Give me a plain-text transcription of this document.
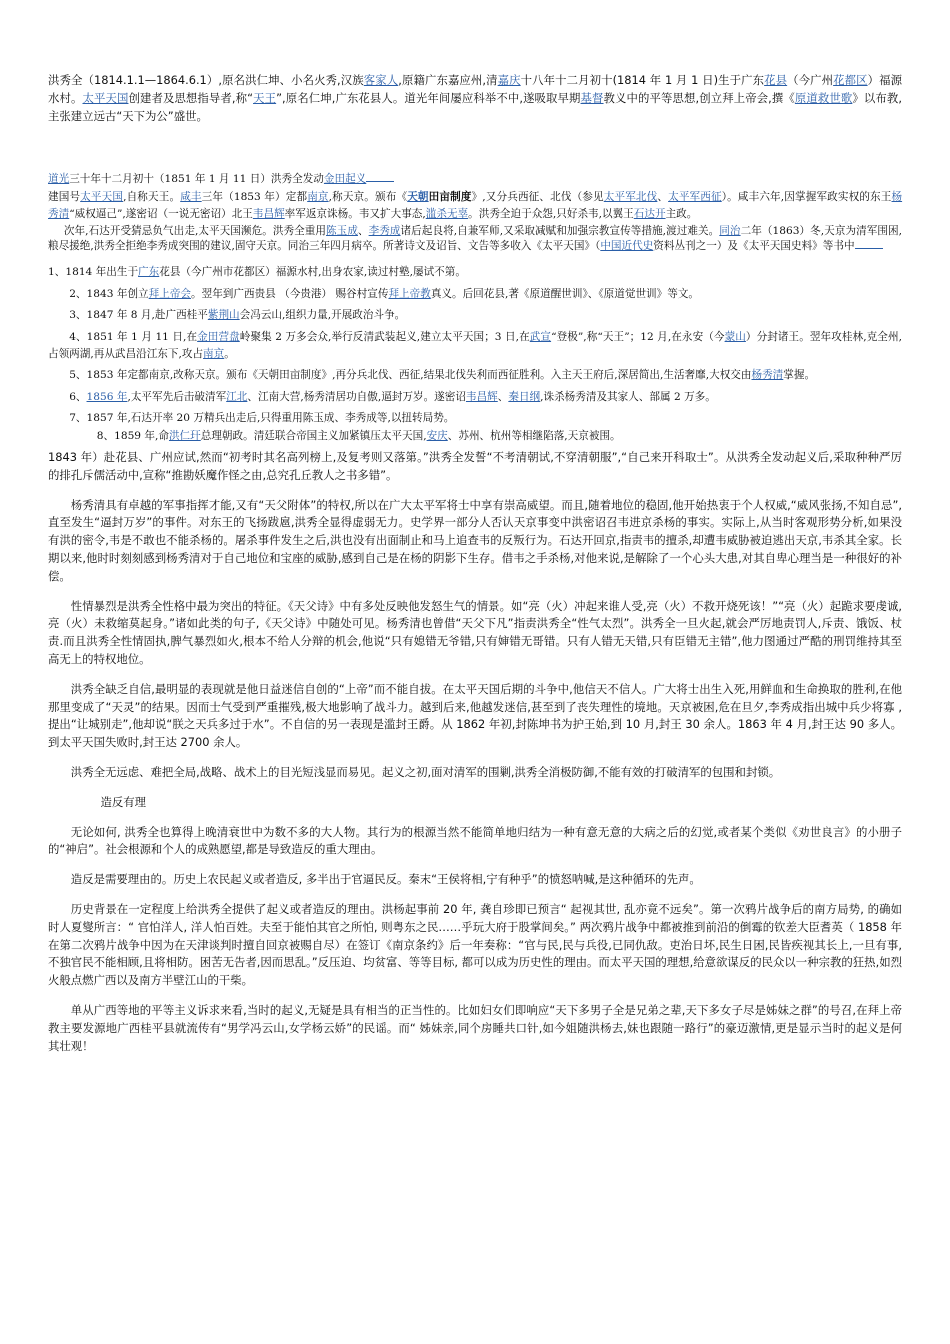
洪秀全（1814.1.1—1864.6.1）,原名洪仁坤、小名火秀,汉族客家人,原籍广东嘉应州,清嘉庆十八年十二月初十(1814 年 1 月 1 日)生于广东花县（今广州花都区）福源水村。太平天国创建者及思想指导者,称“天王”,原名仁坤,广东花县人。道光年间屡应科举不中,遂吸取早期基督教义中的平等思想,创立拜上帝会,撰《原道救世歌》以布教,主张建立远古“天下为公”盛世。

道光三十年十二月初十（1851 年 1 月 11 日）洪秀全发动金田起义

建国号太平天国,自称天王。咸丰三年（1853 年）定都南京,称天京。颁布《天朝田亩制度》,又分兵西征、北伐（参见太平军北伐、太平军西征）。咸丰六年,因掌握军政实权的东王杨秀清“威权逼己”,遂密诏（一说无密诏）北王韦昌辉率军返京诛杨。韦又扩大事态,滥杀无辜。洪秀全迫于众怨,只好杀韦,以翼王石达开主政。

次年,石达开受猜忌负气出走,太平天国濒危。洪秀全重用陈玉成、李秀成诸后起良将,自兼军师,又采取减赋和加强宗教宣传等措施,渡过难关。同治二年（1863）冬,天京为清军围困,粮尽援绝,洪秀全拒绝李秀成突围的建议,固守天京。同治三年四月病卒。所著诗文及诏旨、文告等多收入《太平天国》（中国近代史资料丛刊之一）及《太平天国史料》等书中

1、1814 年出生于广东花县（今广州市花都区）福源水村,出身农家,读过村塾,屡试不第。

2、1843 年创立拜上帝会。翌年到广西贵县 （今贵港） 赐谷村宣传拜上帝教真义。后回花县,著《原道醒世训》、《原道觉世训》等文。

3、1847 年 8 月,赴广西桂平紫荆山会冯云山,组织力量,开展政治斗争。

4、1851 年 1 月 11 日,在金田营盘岭聚集 2 万多会众,举行反清武装起义,建立太平天国；3 日,在武宣“登极”,称“天王”；12 月,在永安（今蒙山）分封诸王。翌年攻桂林,克全州,占领两湖,再从武昌沿江东下,攻占南京。

5、1853 年定都南京,改称天京。颁布《天朝田亩制度》,再分兵北伐、西征,结果北伐失利而西征胜利。入主天王府后,深居简出,生活奢靡,大权交由杨秀清掌握。

6、1856 年,太平军先后击破清军江北、江南大营,杨秀清居功自傲,逼封万岁。遂密诏韦昌辉、秦日纲,诛杀杨秀清及其家人、部属 2 万多。

7、1857 年,石达开率 20 万精兵出走后,只得重用陈玉成、李秀成等,以扭转局势。

8、1859 年,命洪仁玕总理朝政。清廷联合帝国主义加紧镇压太平天国,安庆、苏州、杭州等相继陷落,天京被围。

1843 年）赴花县、广州应试,然而“初考时其名高列榜上,及复考则又落第。”洪秀全发誓“不考清朝试,不穿清朝服”,“自己来开科取士”。从洪秀全发动起义后,采取种种严厉的排孔斥儒活动中,宣称“推勘妖魔作怪之由,总究孔丘教人之书多错”。

杨秀清具有卓越的军事指挥才能,又有“天父附体”的特权,所以在广大太平军将士中享有崇高威望。而且,随着地位的稳固,他开始热衷于个人权威,“威风张扬,不知自忌”,直至发生“逼封万岁”的事件。对东王的飞扬跋扈,洪秀全显得虚弱无力。史学界一部分人否认天京事变中洪密诏召韦进京杀杨的事实。实际上,从当时客观形势分析,如果没有洪的密令,韦是不敢也不能杀杨的。屠杀事件发生之后,洪也没有出面制止和马上追查韦的反叛行为。石达开回京,指责韦的擅杀,却遭韦威胁被迫逃出天京,韦杀其全家。长期以来,他时时刻刻感到杨秀清对于自己地位和宝座的威胁,感到自己是在杨的阴影下生存。借韦之手杀杨,对他来说,是解除了一个心头大患,对其自卑心理当是一种很好的补偿。

性情暴烈是洪秀全性格中最为突出的特征。《天父诗》中有多处反映他发怒生气的情景。如“亮（火）冲起来谁人受,亮（火）不救开烧死该！”“亮（火）起跪求要虔诚,亮（火）未救缩莫起身。”诸如此类的句子,《天父诗》中随处可见。杨秀清也曾借“天父下凡”指责洪秀全“性气太烈”。洪秀全一旦火起,就会严厉地责罚人,斥责、饿饭、杖责.而且洪秀全性情固执,脾气暴烈如火,根本不给人分辩的机会,他说“只有媳错无爷错,只有婶错无哥错。只有人错无天错,只有臣错无主错”,他力图通过严酷的刑罚维持其至高无上的特权地位。

洪秀全缺乏自信,最明显的表现就是他日益迷信自创的“上帝”而不能自拔。在太平天国后期的斗争中,他信天不信人。广大将士出生入死,用鲜血和生命换取的胜利,在他那里变成了“天灵”的结果。因而士气受到严重摧残,极大地影响了战斗力。越到后来,他越发迷信,甚至到了丧失理性的境地。天京被困,危在旦夕,李秀成指出城中兵少将寡 ,提出“让城别走”,他却说“朕之天兵多过于水”。不自信的另一表现是滥封王爵。从 1862 年初,封陈坤书为护王始,到 10 月,封王 30 余人。1863 年 4 月,封王达 90 多人。到太平天国失败时,封王达 2700 余人。

洪秀全无远虑、难把全局,战略、战术上的目光短浅显而易见。起义之初,面对清军的围剿,洪秀全消极防御,不能有效的打破清军的包围和封锁。

造反有理

无论如何, 洪秀全也算得上晚清衰世中为数不多的大人物。其行为的根源当然不能简单地归结为一种有意无意的大病之后的幻觉,或者某个类似《劝世良言》的小册子的“神启”。社会根源和个人的成熟愿望,都是导致造反的重大理由。

造反是需要理由的。历史上农民起义或者造反, 多半出于官逼民反。秦末“王侯将相,宁有种乎”的愤怒呐喊,是这种循环的先声。

历史背景在一定程度上给洪秀全提供了起义或者造反的理由。洪杨起事前 20 年, 龚自珍即已预言“ 起视其世, 乱亦竟不远矣”。第一次鸦片战争后的南方局势, 的确如时人夏燮所言：“ 官怕洋人, 洋人怕百姓。夫至于能怕其官之所怕, 则粤东之民……乎玩大府于股掌间矣。” 两次鸦片战争中都被推到前沿的倒霉的钦差大臣耆英（ 1858 年在第二次鸦片战争中因为在天津谈判时擅自回京被赐自尽）在签订《南京条约》后一年奏称：“官与民,民与兵役,已同仇敌。吏治日坏,民生日困,民皆疾视其长上,一旦有事,不独官民不能相顾,且将相防。困苦无告者,因而思乱。”反压迫、均贫富、等等目标, 都可以成为历史性的理由。而太平天国的理想,给意欲谋反的民众以一种宗教的狂热,如烈火般点燃广西以及南方半壁江山的干柴。

单从广西等地的平等主义诉求来看,当时的起义,无疑是具有相当的正当性的。比如妇女们即响应“天下多男子全是兄弟之辈,天下多女子尽是姊妹之群”的号召,在拜上帝教主要发源地广西桂平县就流传有“男学冯云山,女学杨云娇”的民谣。而“ 姊妹亲,同个房睡共口针,如今姐随洪杨去,妹也跟随一路行”的豪迈激情,更是显示当时的起义是何其壮观！
